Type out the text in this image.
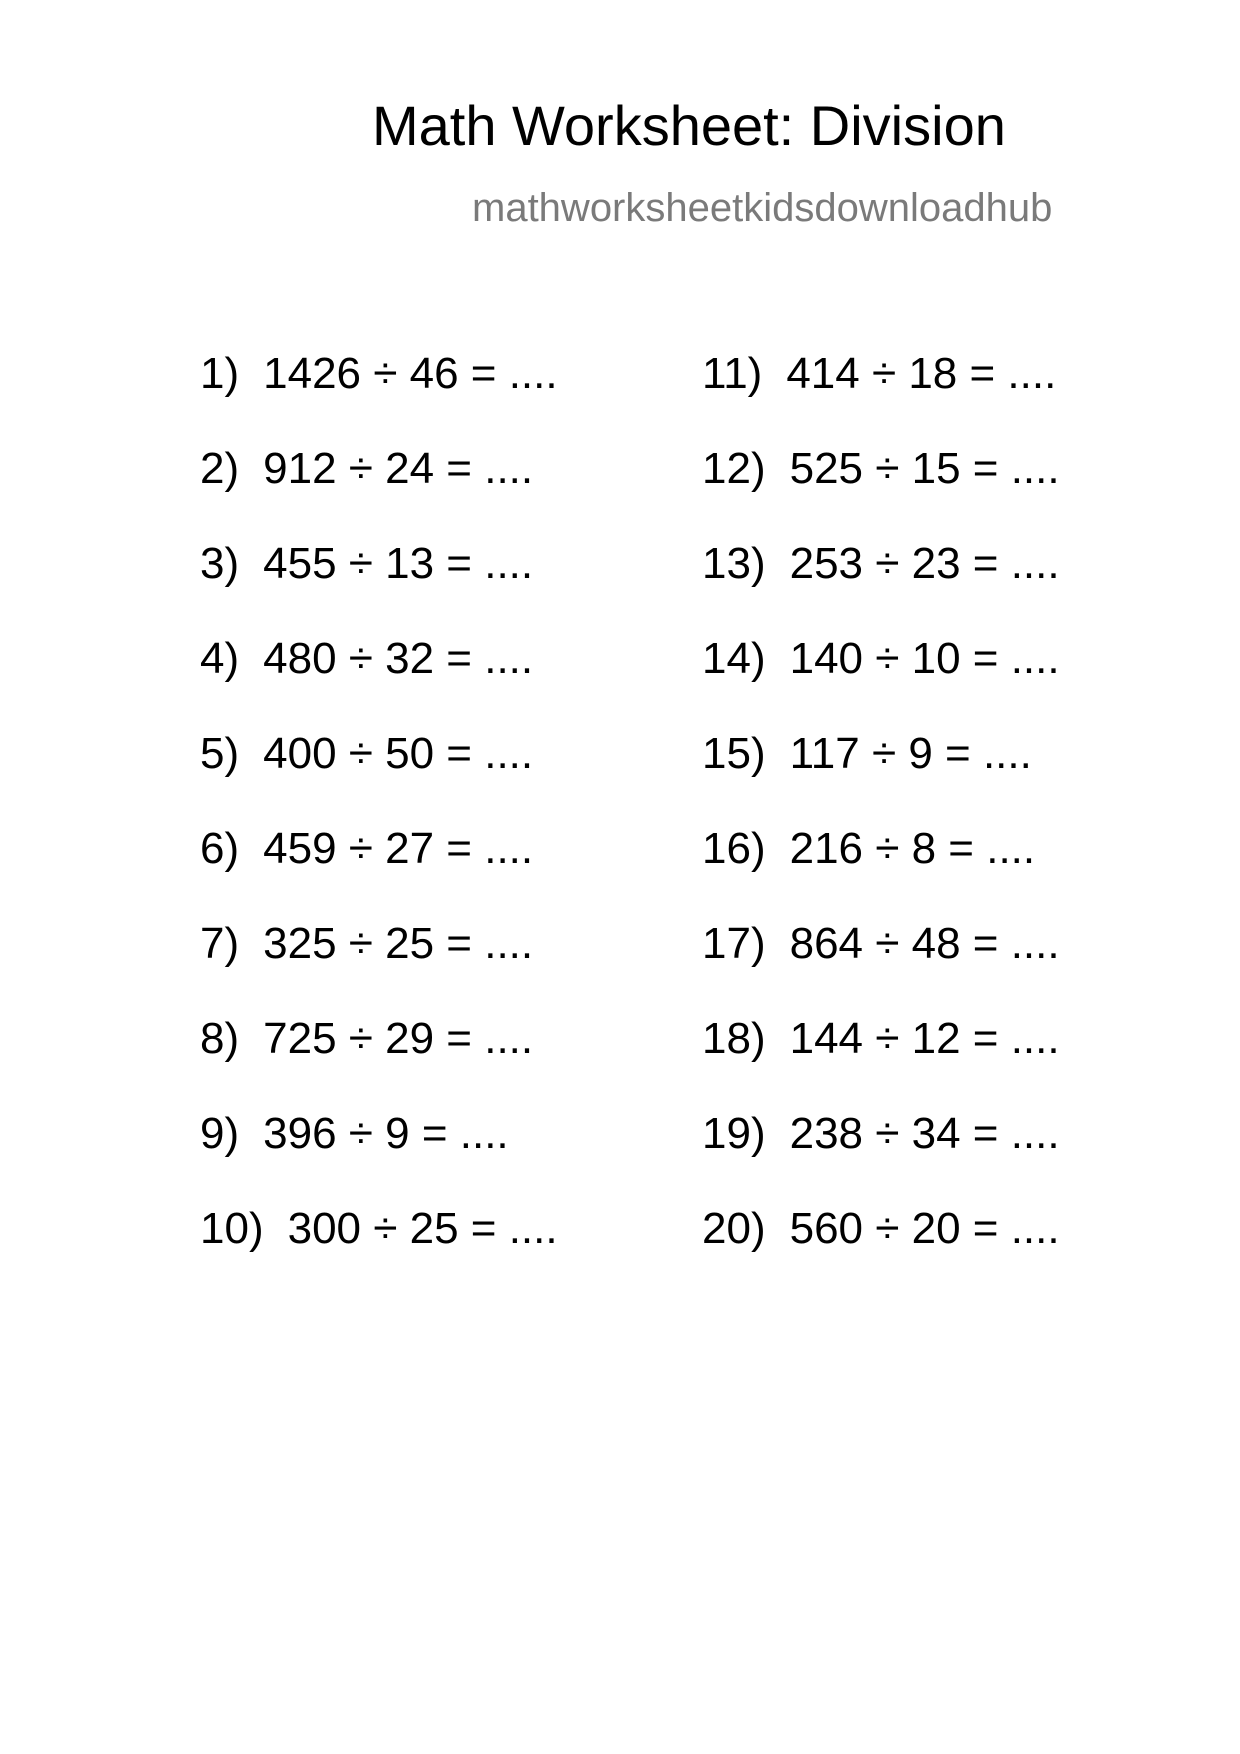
Math Worksheet: Division
mathworksheetkidsdownloadhub
1) 1426 ÷ 46 = ....
2) 912 ÷ 24 = ....
3) 455 ÷ 13 = ....
4) 480 ÷ 32 = ....
5) 400 ÷ 50 = ....
6) 459 ÷ 27 = ....
7) 325 ÷ 25 = ....
8) 725 ÷ 29 = ....
9) 396 ÷ 9 = ....
10) 300 ÷ 25 = ....
11) 414 ÷ 18 = ....
12) 525 ÷ 15 = ....
13) 253 ÷ 23 = ....
14) 140 ÷ 10 = ....
15) 117 ÷ 9 = ....
16) 216 ÷ 8 = ....
17) 864 ÷ 48 = ....
18) 144 ÷ 12 = ....
19) 238 ÷ 34 = ....
20) 560 ÷ 20 = ....
